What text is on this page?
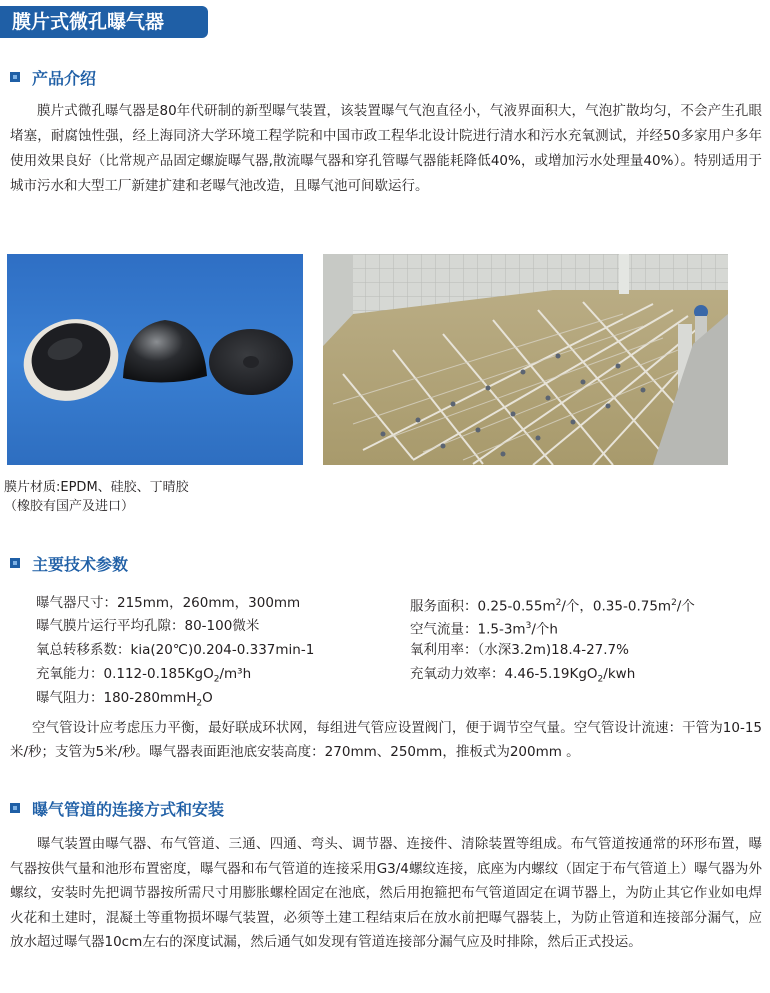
膜片式微孔曝气器
产品介绍
膜片式微孔曝气器是80年代研制的新型曝气装置，该装置曝气气泡直径小，气液界面积大，气泡扩散均匀，不会产生孔眼堵塞，耐腐蚀性强，经上海同济大学环境工程学院和中国市政工程华北设计院进行清水和污水充氧测试，并经50多家用户多年使用效果良好（比常规产品固定螺旋曝气器,散流曝气器和穿孔管曝气器能耗降低40%，或增加污水处理量40%）。特别适用于城市污水和大型工厂新建扩建和老曝气池改造，且曝气池可间歇运行。
膜片材质:EPDM、硅胶、丁晴胶
（橡胶有国产及进口）
主要技术参数
曝气器尺寸：215mm，260mm，300mm
曝气膜片运行平均孔隙：80-100微米
氧总转移系数：kia(20℃)0.204-0.337min-1
充氧能力：0.112-0.185KgO$_2$/m³h
曝气阻力：180-280mmH$_2$O
服务面积：$0.25-0.55m^2/$个，$0.35-0.75m^2/$个
空气流量：$1.5-3m^3/$个h
氧利用率：（水深3.2m)18.4-27.7%
充氧动力效率：4.46-5.19KgO$_2$/kwh
空气管设计应考虑压力平衡，最好联成环状网，每组进气管应设置阀门，便于调节空气量。空气管设计流速：干管为10-15米/秒；支管为5米/秒。曝气器表面距池底安装高度：270mm、250mm，推板式为200mm 。
曝气管道的连接方式和安装
曝气装置由曝气器、布气管道、三通、四通、弯头、调节器、连接件、清除装置等组成。布气管道按通常的环形布置，曝气器按供气量和池形布置密度，曝气器和布气管道的连接采用G3/4螺纹连接，底座为内螺纹（固定于布气管道上）曝气器为外螺纹，安装时先把调节器按所需尺寸用膨胀螺栓固定在池底，然后用抱箍把布气管道固定在调节器上，为防止其它作业如电焊火花和土建时，混凝土等重物损坏曝气装置，必须等土建工程结束后在放水前把曝气器装上，为防止管道和连接部分漏气，应放水超过曝气器10cm左右的深度试漏，然后通气如发现有管道连接部分漏气应及时排除，然后正式投运。
